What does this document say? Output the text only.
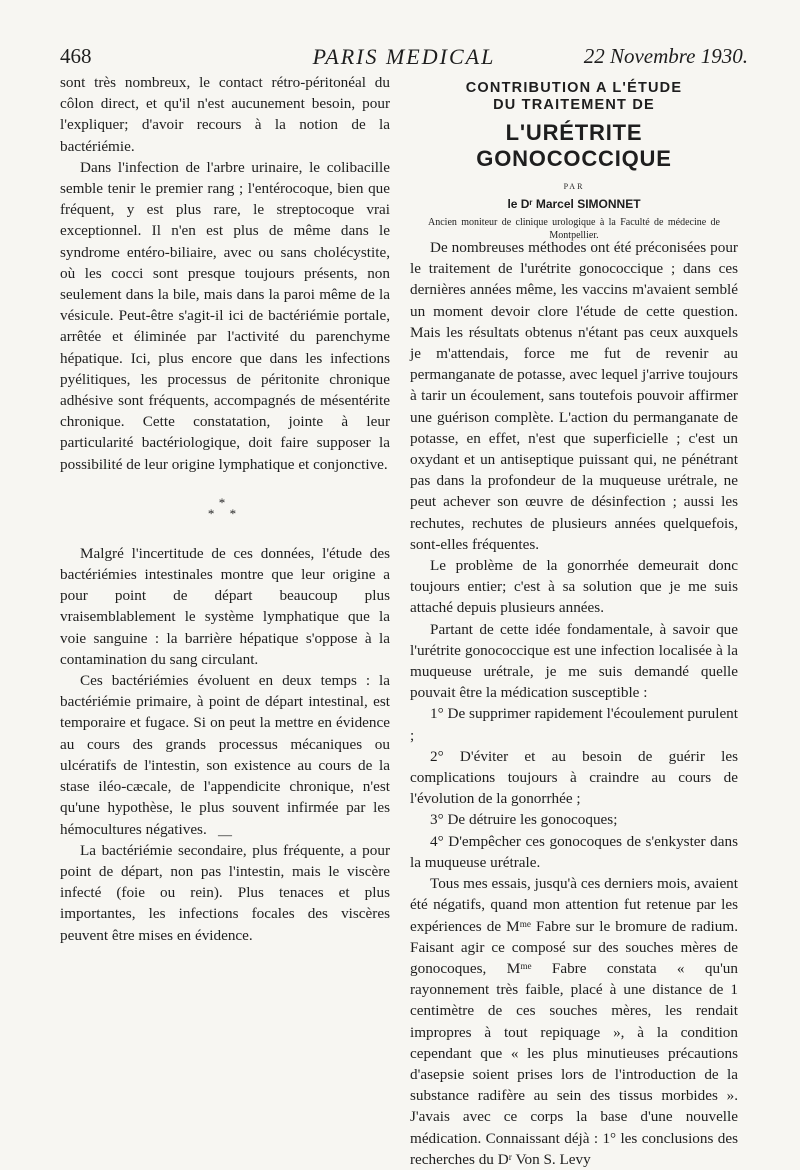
468	PARIS MEDICAL	22 Novembre 1930.

sont très nombreux, le contact rétro-péritonéal du côlon direct, et qu'il n'est aucunement besoin, pour l'expliquer; d'avoir recours à la notion de la bactériémie.

Dans l'infection de l'arbre urinaire, le colibacille semble tenir le premier rang ; l'entérocoque, bien que fréquent, y est plus rare, le streptocoque vrai exceptionnel. Il n'en est plus de même dans le syndrome entéro-biliaire, avec ou sans cholécystite, où les cocci sont presque toujours présents, non seulement dans la bile, mais dans la paroi même de la vésicule. Peut-être s'agit-il ici de bactériémie portale, arrêtée et éliminée par l'activité du parenchyme hépatique. Ici, plus encore que dans les infections pyélitiques, les processus de péritonite chronique adhésive sont fréquents, accompagnés de mésentérite chronique. Cette constatation, jointe à leur particularité bactériologique, doit faire supposer la possibilité de leur origine lymphatique et conjonctive.

*
* *

Malgré l'incertitude de ces données, l'étude des bactériémies intestinales montre que leur origine a pour point de départ beaucoup plus vraisemblablement le système lymphatique que la voie sanguine : la barrière hépatique s'oppose à la contamination du sang circulant.

Ces bactériémies évoluent en deux temps : la bactériémie primaire, à point de départ intestinal, est temporaire et fugace. Si on peut la mettre en évidence au cours des grands processus mécaniques ou ulcératifs de l'intestin, son existence au cours de la stase iléo-cæcale, de l'appendicite chronique, n'est qu'une hypothèse, le plus souvent infirmée par les hémocultures négatives.

La bactériémie secondaire, plus fréquente, a pour point de départ, non pas l'intestin, mais le viscère infecté (foie ou rein). Plus tenaces et plus importantes, les infections focales des viscères peuvent être mises en évidence.

—
CONTRIBUTION A L'ÉTUDE
DU TRAITEMENT DE
L'URÉTRITE GONOCOCCIQUE
PAR
le Dʳ Marcel SIMONNET
Ancien moniteur de clinique urologique à la Faculté de médecine de Montpellier.

De nombreuses méthodes ont été préconisées pour le traitement de l'urétrite gonococcique ; dans ces dernières années même, les vaccins m'avaient semblé un moment devoir clore l'étude de cette question. Mais les résultats obtenus n'étant pas ceux auxquels je m'attendais, force me fut de revenir au permanganate de potasse, avec lequel j'arrive toujours à tarir un écoulement, sans toutefois pouvoir affirmer une guérison complète. L'action du permanganate de potasse, en effet, n'est que superficielle ; c'est un oxydant et un antiseptique puissant qui, ne pénétrant pas dans la profondeur de la muqueuse urétrale, ne peut achever son œuvre de désinfection ; aussi les rechutes, rechutes de plusieurs années quelquefois, sont-elles fréquentes.

Le problème de la gonorrhée demeurait donc toujours entier; c'est à sa solution que je me suis attaché depuis plusieurs années.

Partant de cette idée fondamentale, à savoir que l'urétrite gonococcique est une infection localisée à la muqueuse urétrale, je me suis demandé quelle pouvait être la médication susceptible :

1° De supprimer rapidement l'écoulement purulent ;

2° D'éviter et au besoin de guérir les complications toujours à craindre au cours de l'évolution de la gonorrhée ;

3° De détruire les gonocoques;

4° D'empêcher ces gonocoques de s'enkyster dans la muqueuse urétrale.

Tous mes essais, jusqu'à ces derniers mois, avaient été négatifs, quand mon attention fut retenue par les expériences de Mᵐᵉ Fabre sur le bromure de radium. Faisant agir ce composé sur des souches mères de gonocoques, Mᵐᵉ Fabre constata « qu'un rayonnement très faible, placé à une distance de 1 centimètre de ces souches mères, les rendait impropres à tout repiquage », à la condition cependant que « les plus minutieuses précautions d'asepsie soient prises lors de l'introduction de la substance radifère au sein des tissus morbides ». J'avais avec ce corps la base d'une nouvelle médication. Connaissant déjà : 1° les conclusions des recherches du Dʳ Von S. Levy
